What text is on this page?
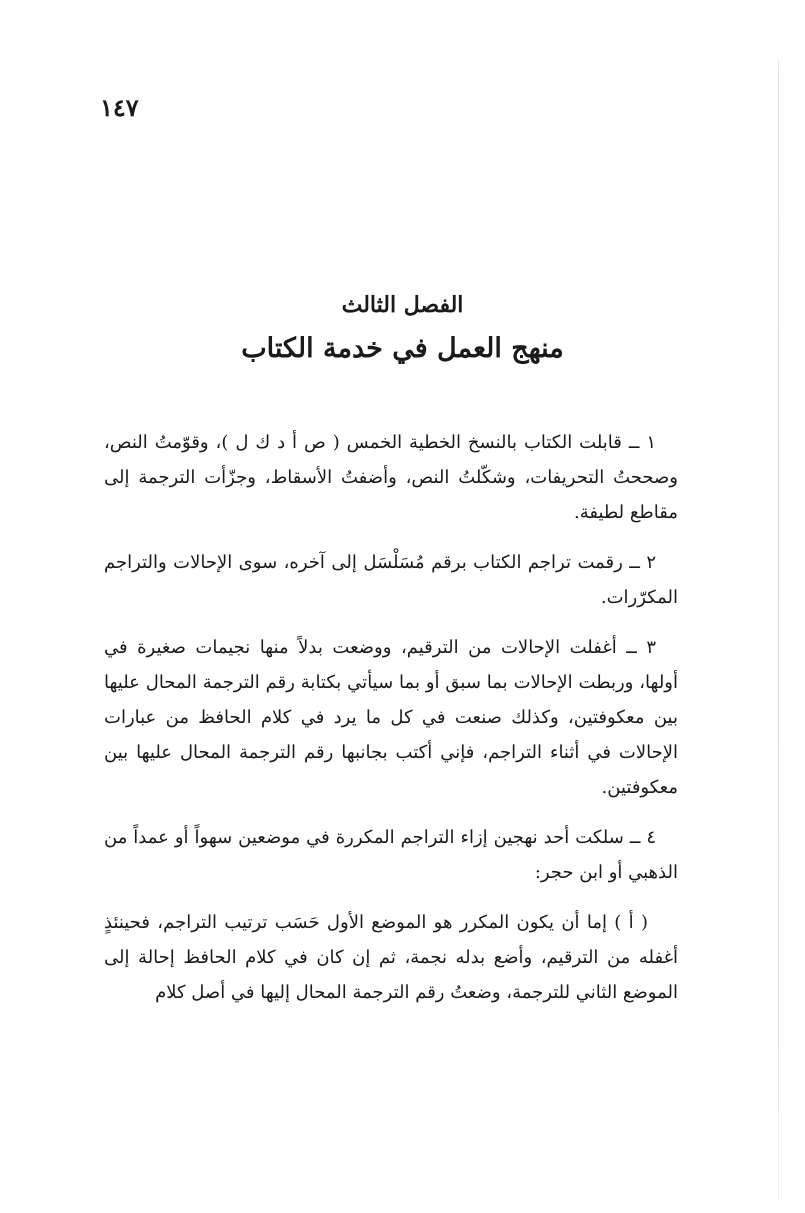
١٤٧
الفصل الثالث
منهج العمل في خدمة الكتاب

١ ــ قابلت الكتاب بالنسخ الخطية الخمس ( ص أ د ك ل )، وقوّمتُ النص، وصححتُ التحريفات، وشكّلتُ النص، وأضفتُ الأسقاط، وجزّأت الترجمة إلى مقاطع لطيفة.

٢ ــ رقمت تراجم الكتاب برقم مُسَلْسَل إلى آخره، سوى الإحالات والتراجم المكرّرات.

٣ ــ أغفلت الإحالات من الترقيم، ووضعت بدلاً منها نجيمات صغيرة في أولها، وربطت الإحالات بما سبق أو بما سيأتي بكتابة رقم الترجمة المحال عليها بين معكوفتين، وكذلك صنعت في كل ما يرد في كلام الحافظ من عبارات الإحالات في أثناء التراجم، فإني أكتب بجانبها رقم الترجمة المحال عليها بين معكوفتين.

٤ ــ سلكت أحد نهجين إزاء التراجم المكررة في موضعين سهواً أو عمداً من الذهبي أو ابن حجر:

( أ ) إما أن يكون المكرر هو الموضع الأول حَسَب ترتيب التراجم، فحينئذٍ أغفله من الترقيم، وأضع بدله نجمة، ثم إن كان في كلام الحافظ إحالة إلى الموضع الثاني للترجمة، وضعتُ رقم الترجمة المحال إليها في أصل كلام
